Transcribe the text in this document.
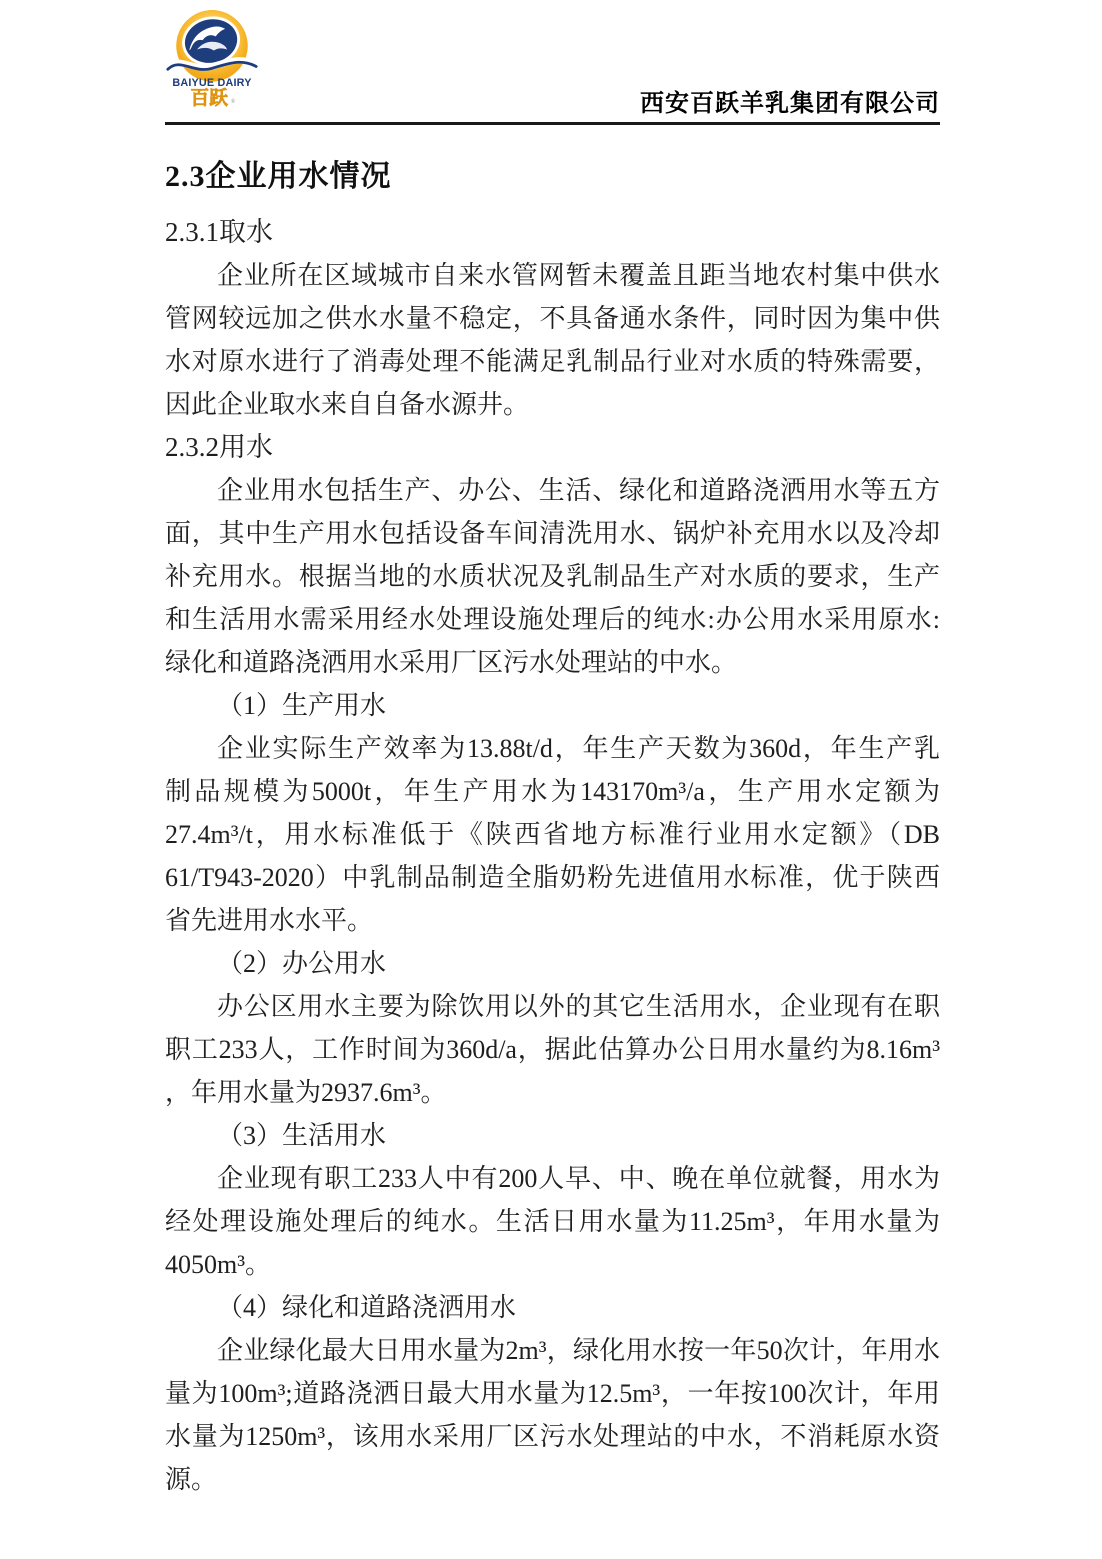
BAIYUE DAIRY
百跃 ®	西安百跃羊乳集团有限公司
2.3企业用水情况
2.3.1取水
企业所在区域城市自来水管网暂未覆盖且距当地农村集中供水
管网较远加之供水水量不稳定，不具备通水条件，同时因为集中供
水对原水进行了消毒处理不能满足乳制品行业对水质的特殊需要，
因此企业取水来自自备水源井。
2.3.2用水
企业用水包括生产、办公、生活、绿化和道路浇洒用水等五方
面，其中生产用水包括设备车间清洗用水、锅炉补充用水以及冷却
补充用水。根据当地的水质状况及乳制品生产对水质的要求，生产
和生活用水需采用经水处理设施处理后的纯水:办公用水采用原水:
绿化和道路浇洒用水采用厂区污水处理站的中水。
（1）生产用水
企业实际生产效率为13.88t/d，年生产天数为360d，年生产乳
制品规模为5000t，年生产用水为143170m³/a，生产用水定额为
27.4m³/t，用水标准低于《陕西省地方标准行业用水定额》（DB
61/T943-2020）中乳制品制造全脂奶粉先进值用水标准，优于陕西
省先进用水水平。
（2）办公用水
办公区用水主要为除饮用以外的其它生活用水，企业现有在职
职工233人，工作时间为360d/a，据此估算办公日用水量约为8.16m³
，年用水量为2937.6m³。
（3）生活用水
企业现有职工233人中有200人早、中、晚在单位就餐，用水为
经处理设施处理后的纯水。生活日用水量为11.25m³，年用水量为
4050m³。
（4）绿化和道路浇洒用水
企业绿化最大日用水量为2m³，绿化用水按一年50次计，年用水
量为100m³;道路浇洒日最大用水量为12.5m³，一年按100次计，年用
水量为1250m³，该用水采用厂区污水处理站的中水，不消耗原水资
源。
